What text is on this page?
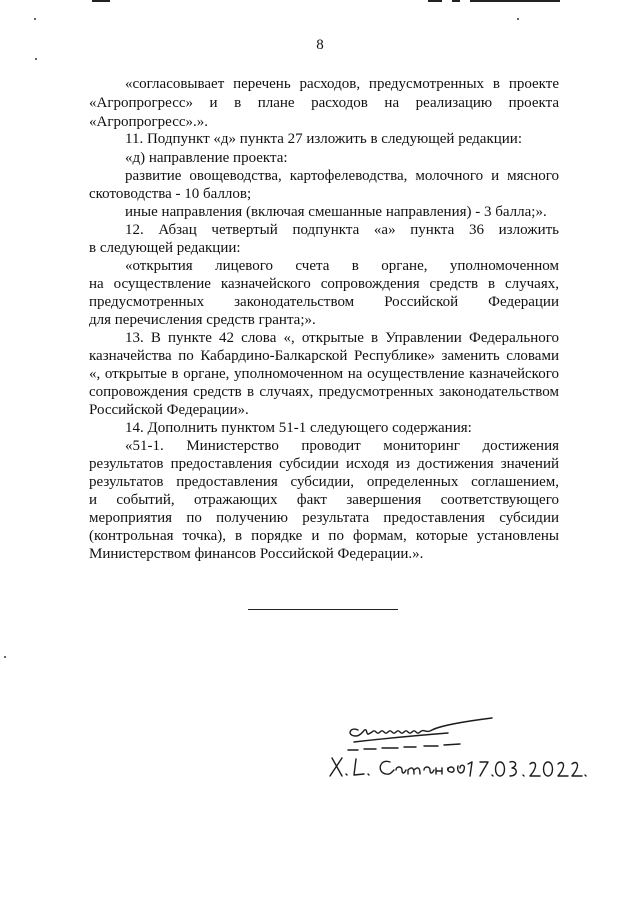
8
«согласовывает перечень расходов, предусмотренных в проекте
«Агропрогресс» и в плане расходов на реализацию проекта
«Агропрогресс».».
11. Подпункт «д» пункта 27 изложить в следующей редакции:
«д) направление проекта:
развитие овощеводства, картофелеводства, молочного и мясного
скотоводства - 10 баллов;
иные направления (включая смешанные направления) - 3 балла;».
12. Абзац четвертый подпункта «а» пункта 36 изложить
в следующей редакции:
«открытия лицевого счета в органе, уполномоченном
на осуществление казначейского сопровождения средств в случаях,
предусмотренных законодательством Российской Федерации
для перечисления средств гранта;».
13. В пункте 42 слова «, открытые в Управлении Федерального
казначейства по Кабардино-Балкарской Республике» заменить словами
«, открытые в органе, уполномоченном на осуществление казначейского
сопровождения средств в случаях, предусмотренных законодательством
Российской Федерации».
14. Дополнить пунктом 51-1 следующего содержания:
«51-1. Министерство проводит мониторинг достижения
результатов предоставления субсидии исходя из достижения значений
результатов предоставления субсидии, определенных соглашением,
и событий, отражающих факт завершения соответствующего
мероприятия по получению результата предоставления субсидии
(контрольная точка), в порядке и по формам, которые установлены
Министерством финансов Российской Федерации.».
